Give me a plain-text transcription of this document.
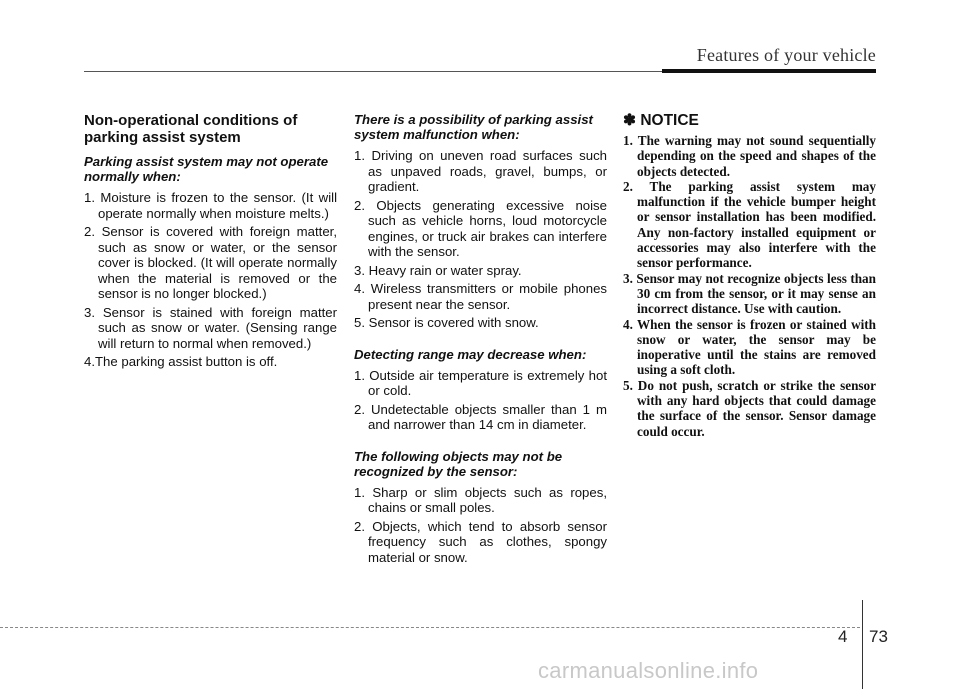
Features of your vehicle
Non-operational conditions of parking assist system
Parking assist system may not operate normally when:
1. Moisture is frozen to the sensor. (It will operate normally when moisture melts.)
2. Sensor is covered with foreign matter, such as snow or water, or the sensor cover is blocked. (It will operate normally when the material is removed or the sensor is no longer blocked.)
3. Sensor is stained with foreign matter such as snow or water. (Sensing range will return to normal when removed.)
4.The parking assist button is off.
There is a possibility of parking assist system malfunction when:
1. Driving on uneven road surfaces such as unpaved roads, gravel, bumps, or gradient.
2. Objects generating excessive noise such as vehicle horns, loud motorcycle engines, or truck air brakes can interfere with the sensor.
3. Heavy rain or water spray.
4. Wireless transmitters or mobile phones present near the sensor.
5. Sensor is covered with snow.
Detecting range may decrease when:
1. Outside air temperature is extremely hot or cold.
2. Undetectable objects smaller than 1 m and narrower than 14 cm in diameter.
The following objects may not be recognized by the sensor:
1. Sharp or slim objects such as ropes, chains or small poles.
2. Objects, which tend to absorb sensor frequency such as clothes, spongy material or snow.
✽ NOTICE
1. The warning may not sound sequentially depending on the speed and shapes of the objects detected.
2. The parking assist system may malfunction if the vehicle bumper height or sensor installation has been modified. Any non-factory installed equipment or accessories may also interfere with the sensor performance.
3. Sensor may not recognize objects less than 30 cm from the sensor, or it may sense an incorrect distance. Use with caution.
4. When the sensor is frozen or stained with snow or water, the sensor may be inoperative until the stains are removed using a soft cloth.
5. Do not push, scratch or strike the sensor with any hard objects that could damage the surface of the sensor. Sensor damage could occur.
4 73
carmanualsonline.info
